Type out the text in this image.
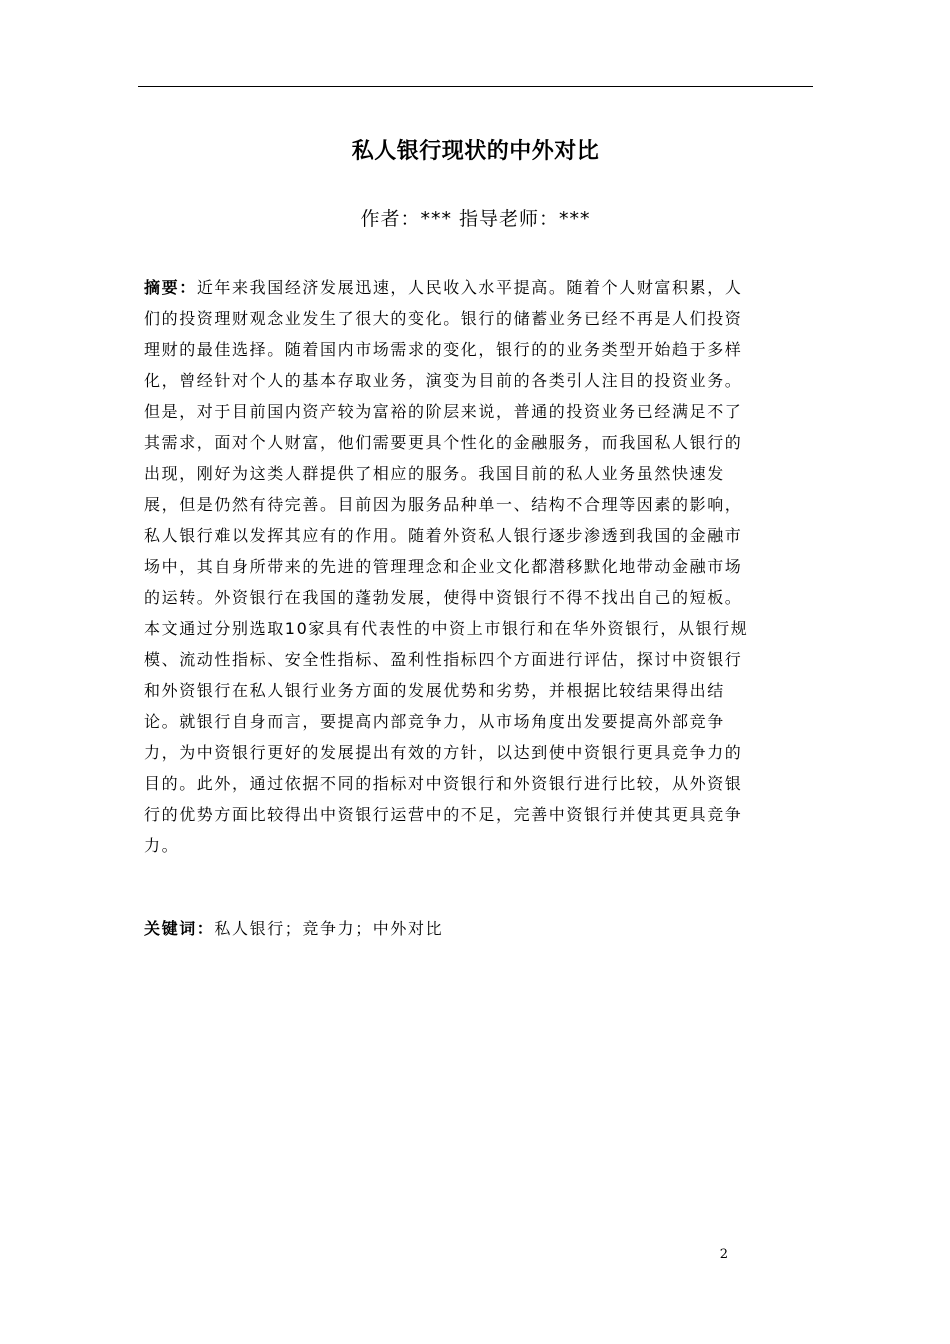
私人银行现状的中外对比
作者：*** 指导老师：***
摘要：近年来我国经济发展迅速，人民收入水平提高。随着个人财富积累，人
们的投资理财观念业发生了很大的变化。银行的储蓄业务已经不再是人们投资
理财的最佳选择。随着国内市场需求的变化，银行的的业务类型开始趋于多样
化，曾经针对个人的基本存取业务，演变为目前的各类引人注目的投资业务。
但是，对于目前国内资产较为富裕的阶层来说，普通的投资业务已经满足不了
其需求，面对个人财富，他们需要更具个性化的金融服务，而我国私人银行的
出现，刚好为这类人群提供了相应的服务。我国目前的私人业务虽然快速发
展，但是仍然有待完善。目前因为服务品种单一、结构不合理等因素的影响，
私人银行难以发挥其应有的作用。随着外资私人银行逐步渗透到我国的金融市
场中，其自身所带来的先进的管理理念和企业文化都潜移默化地带动金融市场
的运转。外资银行在我国的蓬勃发展，使得中资银行不得不找出自己的短板。
本文通过分别选取10家具有代表性的中资上市银行和在华外资银行，从银行规
模、流动性指标、安全性指标、盈利性指标四个方面进行评估，探讨中资银行
和外资银行在私人银行业务方面的发展优势和劣势，并根据比较结果得出结
论。就银行自身而言，要提高内部竞争力，从市场角度出发要提高外部竞争
力，为中资银行更好的发展提出有效的方针，以达到使中资银行更具竞争力的
目的。此外，通过依据不同的指标对中资银行和外资银行进行比较，从外资银
行的优势方面比较得出中资银行运营中的不足，完善中资银行并使其更具竞争
力。
关键词：私人银行；竞争力；中外对比
2
